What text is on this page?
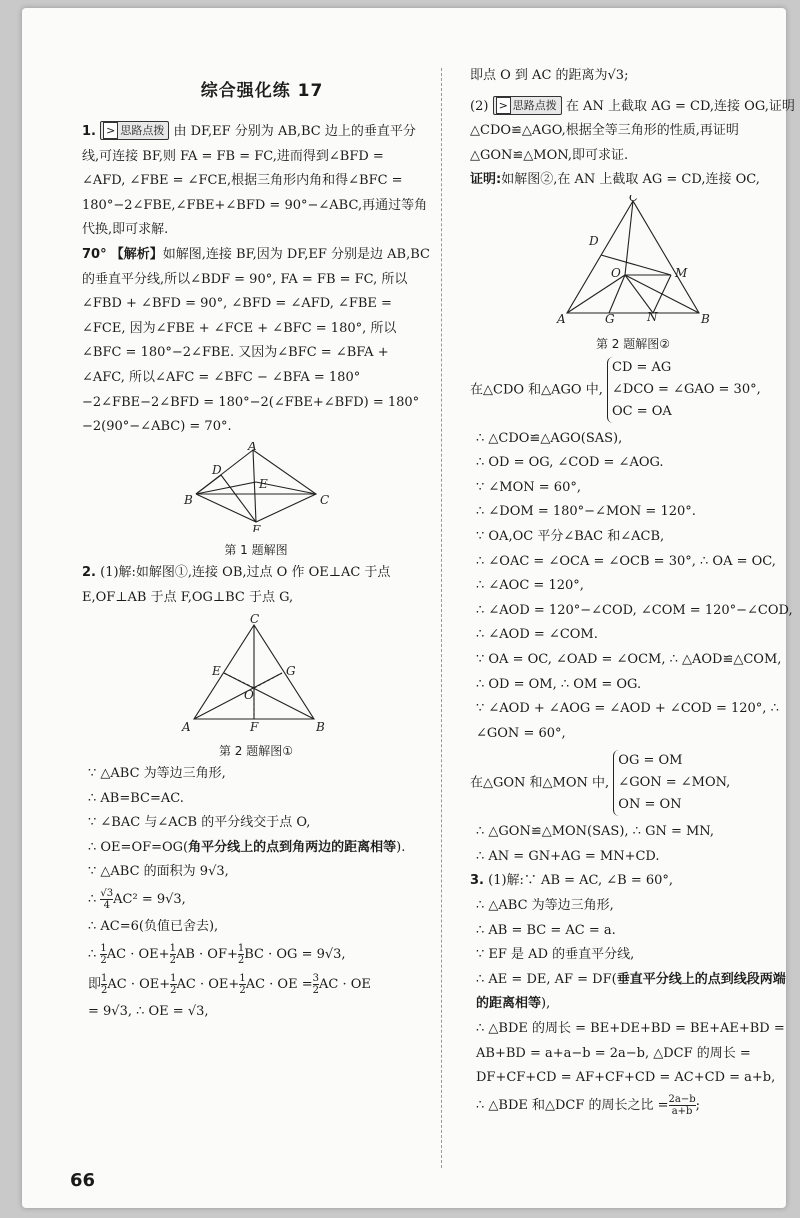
综合强化练 17

1. > 思路点拨 由 DF,EF 分别为 AB,BC 边上的垂直平分线,可连接 BF,则 FA = FB = FC,进而得到∠BFD = ∠AFD, ∠FBE = ∠FCE,根据三角形内角和得∠BFC = 180°−2∠FBE,∠FBE+∠BFD = 90°−∠ABC,再通过等角代换,即可求解.

70° 【解析】如解图,连接 BF,因为 DF,EF 分别是边 AB,BC 的垂直平分线,所以∠BDF = 90°, FA = FB = FC, 所以∠FBD + ∠BFD = 90°, ∠BFD = ∠AFD, ∠FBE = ∠FCE, 因为∠FBE + ∠FCE + ∠BFC = 180°, 所以∠BFC = 180°−2∠FBE. 又因为∠BFC = ∠BFA + ∠AFC, 所以∠AFC = ∠BFC − ∠BFA = 180°−2∠FBE−2∠BFD = 180°−2(∠FBE+∠BFD) = 180°−2(90°−∠ABC) = 70°.

A
D
E
B	C
F
第 1 题解图

2. (1)解:如解图①,连接 OB,过点 O 作 OE⊥AC 于点 E,OF⊥AB 于点 F,OG⊥BC 于点 G,

C
E	G
O
A	F	B
第 2 题解图①

∵ △ABC 为等边三角形,

∴ AB=BC=AC.

∵ ∠BAC 与∠ACB 的平分线交于点 O,

∴ OE=OF=OG(角平分线上的点到角两边的距离相等).

∵ △ABC 的面积为 9√3,

∴ $\frac{√3}{4} AC^2 = 9√3$,

∴ AC=6(负值已舍去),

∴ $\frac{1}{2}$ AC · $OE+ \frac{1}{2}$ AB · $OF+ \frac{1}{2}$ BC · OG = 9√3,

即 $\frac{1}{2}$ AC · $OE+ \frac{1}{2}$ AC · $OE+ \frac{1}{2}$ AC · OE = $\frac{3}{2}$ AC · OE

= 9√3, ∴ OE = √3,

即点 O 到 AC 的距离为√3;

(2) > 思路点拨 在 AN 上截取 AG = CD,连接 OG,证明△CDO≌△AGO,根据全等三角形的性质,再证明△GON≌△MON,即可求证.

证明:如解图②,在 AN 上截取 AG = CD,连接 OC,

C
D
O	M
A	G	N	B
第 2 题解图②

在△CDO 和△AGO 中,
CD = AG
∠DCO = ∠GAO = 30°,
OC = OA

∴ △CDO≌△AGO(SAS),

∴ OD = OG, ∠COD = ∠AOG.

∵ ∠MON = 60°,

∴ ∠DOM = 180°−∠MON = 120°.

∵ OA,OC 平分∠BAC 和∠ACB,

∴ ∠OAC = ∠OCA = ∠OCB = 30°, ∴ OA = OC,

∴ ∠AOC = 120°,

∴ ∠AOD = 120°−∠COD, ∠COM = 120°−∠COD,

∴ ∠AOD = ∠COM.

∵ OA = OC, ∠OAD = ∠OCM, ∴ △AOD≌△COM,

∴ OD = OM, ∴ OM = OG.

∵ ∠AOD + ∠AOG = ∠AOD + ∠COD = 120°, ∴ ∠GON = 60°,

在△GON 和△MON 中,
OG = OM
∠GON = ∠MON,
ON = ON

∴ △GON≌△MON(SAS), ∴ GN = MN,

∴ AN = GN+AG = MN+CD.

3. (1)解:∵ AB = AC, ∠B = 60°,

∴ △ABC 为等边三角形,

∴ AB = BC = AC = a.

∵ EF 是 AD 的垂直平分线,

∴ AE = DE, AF = DF(垂直平分线上的点到线段两端的距离相等),

∴ △BDE 的周长 = BE+DE+BD = BE+AE+BD = AB+BD = a+a−b = 2a−b, △DCF 的周长 = DF+CF+CD = AF+CF+CD = AC+CD = a+b,

∴ △BDE 和△DCF 的周长之比 = $\frac{2a-b}{a+b}$ ;

66
